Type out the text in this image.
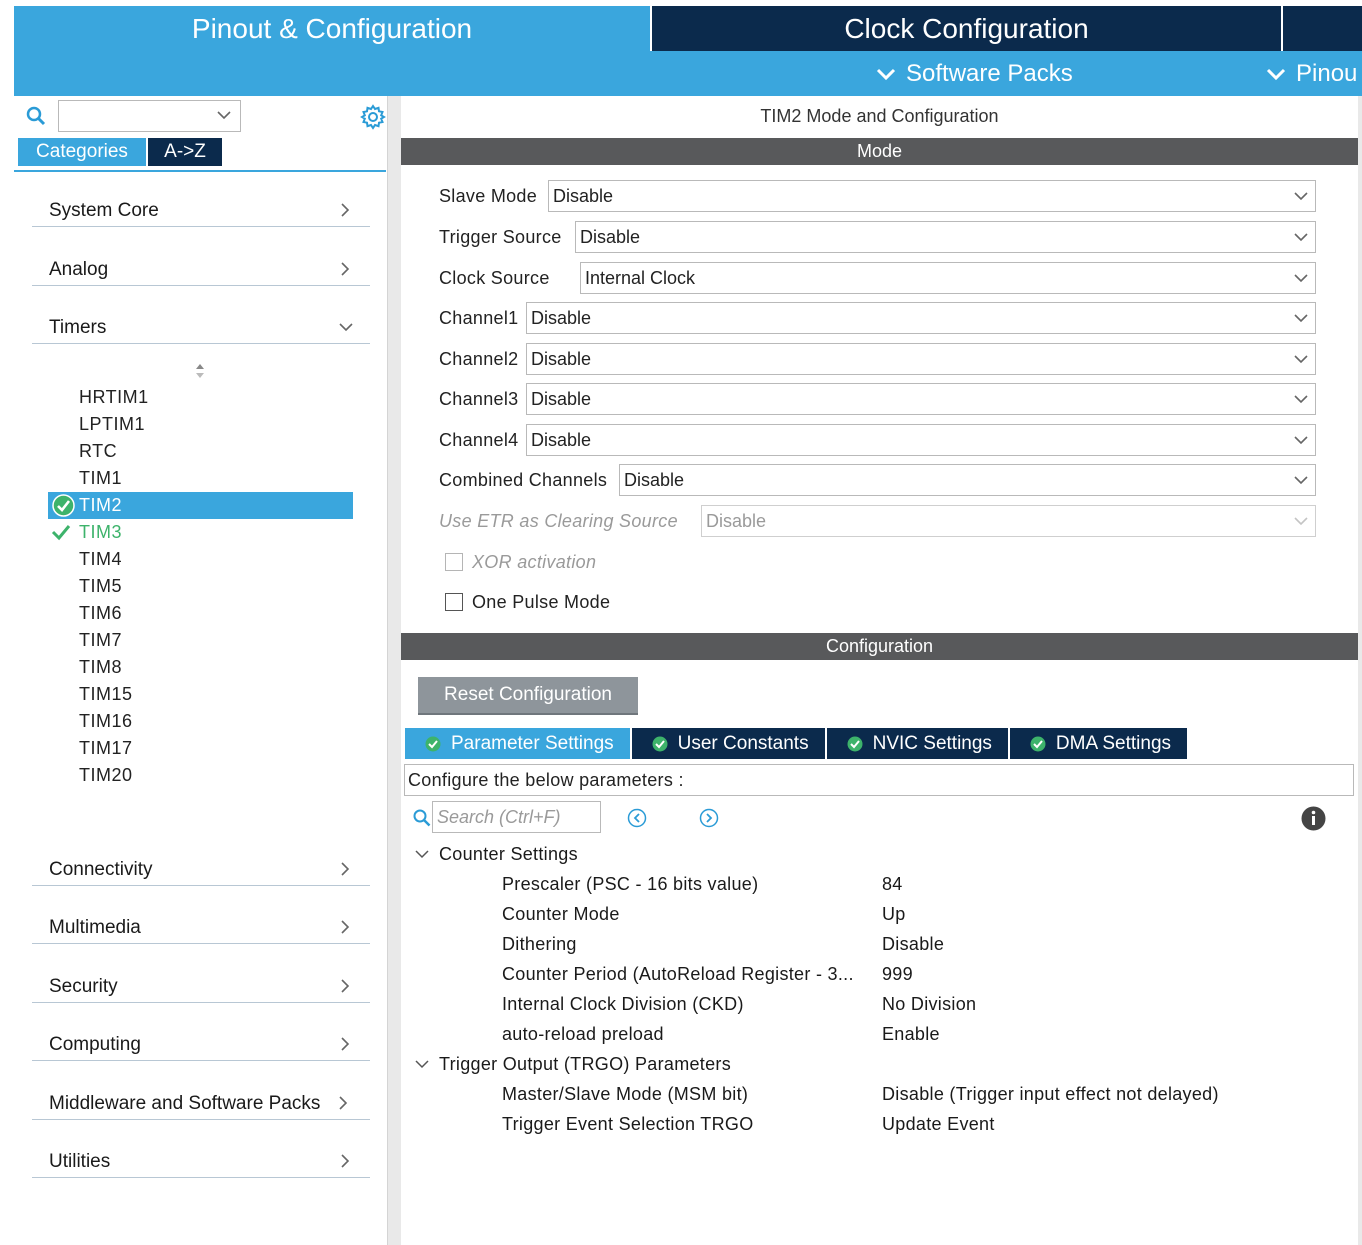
Pinout & Configuration	Clock Configuration
Software Packs	Pinou
Categories	A->Z
System Core
Analog
Timers
HRTIM1
LPTIM1
RTC
TIM1
TIM2
TIM3
TIM4
TIM5
TIM6
TIM7
TIM8
TIM15
TIM16
TIM17
TIM20
Connectivity
Multimedia
Security
Computing
Middleware and Software Packs
Utilities
TIM2 Mode and Configuration
Mode
Slave Mode Disable
Trigger Source Disable
Clock Source Internal Clock
Channel1 Disable
Channel2 Disable
Channel3 Disable
Channel4 Disable
Combined Channels Disable
Use ETR as Clearing Source Disable
XOR activation
One Pulse Mode
Configuration
Reset Configuration
Parameter Settings	User Constants	NVIC Settings	DMA Settings
Configure the below parameters :
Search (Ctrl+F)
Counter Settings
Prescaler (PSC - 16 bits value)	84
Counter Mode	Up
Dithering	Disable
Counter Period (AutoReload Register - 3...	999
Internal Clock Division (CKD)	No Division
auto-reload preload	Enable
Trigger Output (TRGO) Parameters
Master/Slave Mode (MSM bit)	Disable (Trigger input effect not delayed)
Trigger Event Selection TRGO	Update Event
